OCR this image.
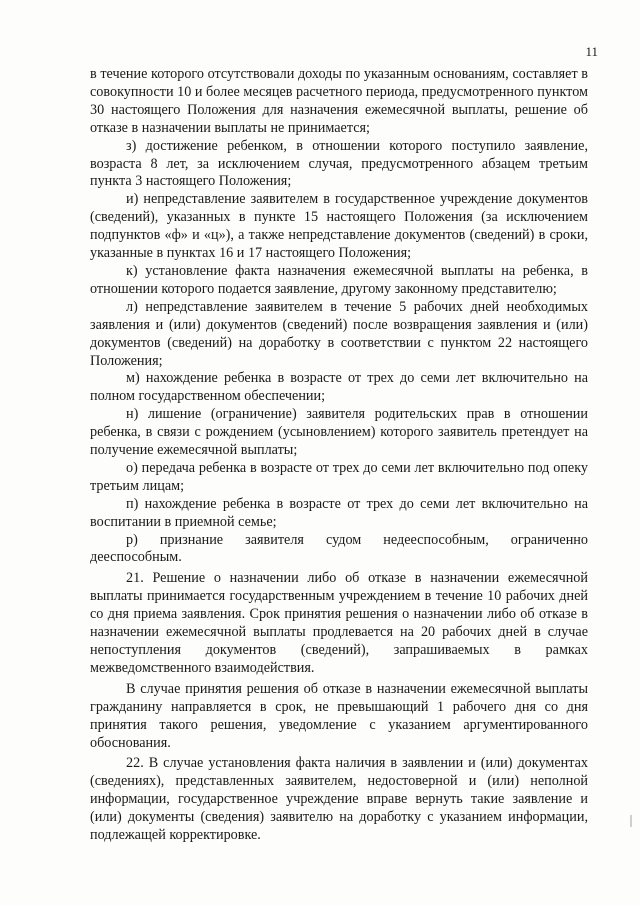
11

в течение которого отсутствовали доходы по указанным основаниям, составляет в совокупности 10 и более месяцев расчетного периода, предусмотренного пунктом 30 настоящего Положения для назначения ежемесячной выплаты, решение об отказе в назначении выплаты не принимается;

з) достижение ребенком, в отношении которого поступило заявление, возраста 8 лет, за исключением случая, предусмотренного абзацем третьим пункта 3 настоящего Положения;

и) непредставление заявителем в государственное учреждение документов (сведений), указанных в пункте 15 настоящего Положения (за исключением подпунктов «ф» и «ц»), а также непредставление документов (сведений) в сроки, указанные в пунктах 16 и 17 настоящего Положения;

к) установление факта назначения ежемесячной выплаты на ребенка, в отношении которого подается заявление, другому законному представителю;

л) непредставление заявителем в течение 5 рабочих дней необходимых заявления и (или) документов (сведений) после возвращения заявления и (или) документов (сведений) на доработку в соответствии с пунктом 22 настоящего Положения;

м) нахождение ребенка в возрасте от трех до семи лет включительно на полном государственном обеспечении;

н) лишение (ограничение) заявителя родительских прав в отношении ребенка, в связи с рождением (усыновлением) которого заявитель претендует на получение ежемесячной выплаты;

о) передача ребенка в возрасте от трех до семи лет включительно под опеку третьим лицам;

п) нахождение ребенка в возрасте от трех до семи лет включительно на воспитании в приемной семье;

р) признание заявителя судом недееспособным, ограниченно дееспособным.

21. Решение о назначении либо об отказе в назначении ежемесячной выплаты принимается государственным учреждением в течение 10 рабочих дней со дня приема заявления. Срок принятия решения о назначении либо об отказе в назначении ежемесячной выплаты продлевается на 20 рабочих дней в случае непоступления документов (сведений), запрашиваемых в рамках межведомственного взаимодействия.

В случае принятия решения об отказе в назначении ежемесячной выплаты гражданину направляется в срок, не превышающий 1 рабочего дня со дня принятия такого решения, уведомление с указанием аргументированного обоснования.

22. В случае установления факта наличия в заявлении и (или) документах (сведениях), представленных заявителем, недостоверной и (или) неполной информации, государственное учреждение вправе вернуть такие заявление и (или) документы (сведения) заявителю на доработку с указанием информации, подлежащей корректировке.
